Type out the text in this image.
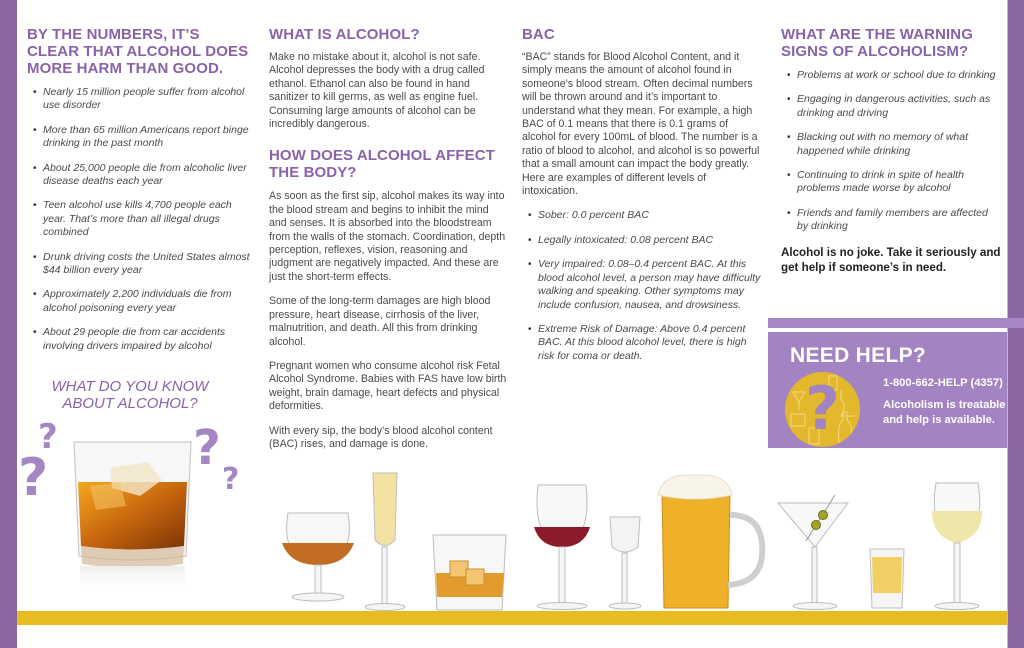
BY THE NUMBERS, IT’S CLEAR THAT ALCOHOL DOES MORE HARM THAN GOOD.
• Nearly 15 million people suffer from alcohol use disorder
• More than 65 million Americans report binge drinking in the past month
• About 25,000 people die from alcoholic liver disease deaths each year
• Teen alcohol use kills 4,700 people each year. That’s more than all illegal drugs combined
• Drunk driving costs the United States almost $44 billion every year
• Approximately 2,200 individuals die from alcohol poisoning every year
• About 29 people die from car accidents involving drivers impaired by alcohol
WHAT DO YOU KNOW ABOUT ALCOHOL?
?
?	?
?
WHAT IS ALCOHOL?

Make no mistake about it, alcohol is not safe. Alcohol depresses the body with a drug called ethanol. Ethanol can also be found in hand sanitizer to kill germs, as well as engine fuel. Consuming large amounts of alcohol can be incredibly dangerous.

HOW DOES ALCOHOL AFFECT THE BODY?

As soon as the first sip, alcohol makes its way into the blood stream and begins to inhibit the mind and senses. It is absorbed into the bloodstream from the walls of the stomach. Coordination, depth perception, reflexes, vision, reasoning and judgment are negatively impacted. And these are just the short-term effects.

Some of the long-term damages are high blood pressure, heart disease, cirrhosis of the liver, malnutrition, and death. All this from drinking alcohol.

Pregnant women who consume alcohol risk Fetal Alcohol Syndrome. Babies with FAS have low birth weight, brain damage, heart defects and physical deformities.

With every sip, the body’s blood alcohol content (BAC) rises, and damage is done.

BAC

“BAC” stands for Blood Alcohol Content, and it simply means the amount of alcohol found in someone’s blood stream. Often decimal numbers will be thrown around and it’s important to understand what they mean. For example, a high BAC of 0.1 means that there is 0.1 grams of alcohol for every 100mL of blood. The number is a ratio of blood to alcohol, and alcohol is so powerful that a small amount can impact the body greatly. Here are examples of different levels of intoxication.

• Sober: 0.0 percent BAC
• Legally intoxicated: 0.08 percent BAC
• Very impaired: 0.08–0.4 percent BAC. At this blood alcohol level, a person may have difficulty walking and speaking. Other symptoms may include confusion, nausea, and drowsiness.
• Extreme Risk of Damage: Above 0.4 percent BAC. At this blood alcohol level, there is high risk for coma or death.
WHAT ARE THE WARNING SIGNS OF ALCOHOLISM?
• Problems at work or school due to drinking
• Engaging in dangerous activities, such as drinking and driving
• Blacking out with no memory of what happened while drinking
• Continuing to drink in spite of health problems made worse by alcohol
• Friends and family members are affected by drinking

Alcohol is no joke. Take it seriously and get help if someone’s in need.

NEED HELP?
?	1-800-662-HELP (4357)
Alcoholism is treatable and help is available.
